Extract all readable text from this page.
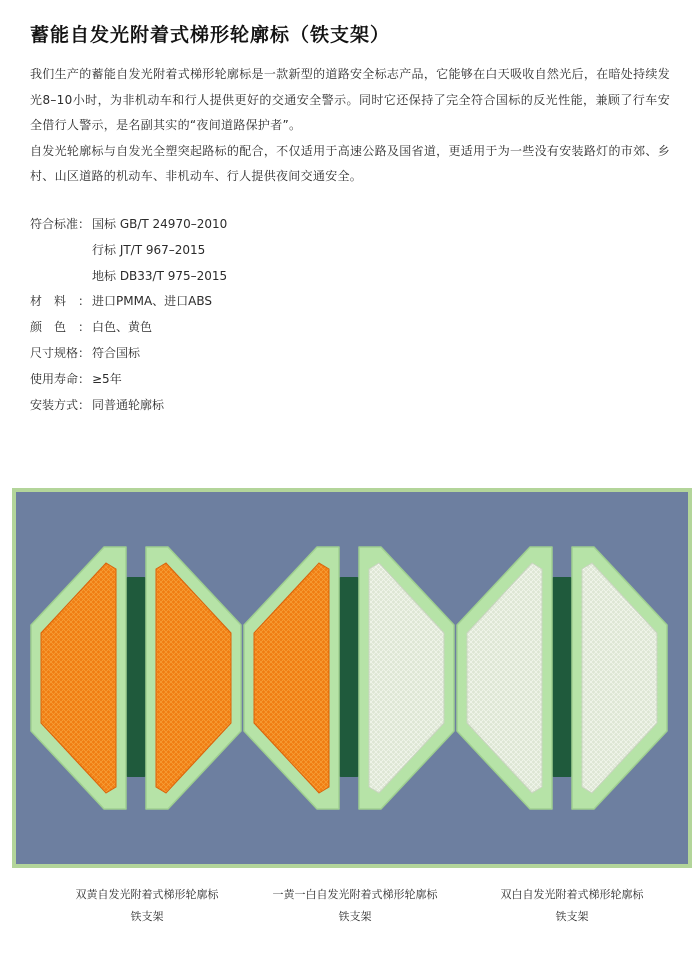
蓄能自发光附着式梯形轮廓标（铁支架）

我们生产的蓄能自发光附着式梯形轮廓标是一款新型的道路安全标志产品，它能够在白天吸收自然光后，在暗处持续发光8–10小时，为非机动车和行人提供更好的交通安全警示。同时它还保持了完全符合国标的反光性能，兼顾了行车安全借行人警示，是名副其实的“夜间道路保护者”。

自发光轮廓标与自发光全塑突起路标的配合，不仅适用于高速公路及国省道，更适用于为一些没有安装路灯的市郊、乡村、山区道路的机动车、非机动车、行人提供夜间交通安全。

符合标准： 国标 GB/T 24970–2010
行标 JT/T 967–2015
地标 DB33/T 975–2015
材料：
进口PMMA、进口ABS
颜色：
白色、黄色
尺寸规格： 符合国标
使用寿命： ≥5年
安装方式： 同普通轮廓标
双黄自发光附着式梯形轮廓标
铁支架
一黄一白自发光附着式梯形轮廓标
铁支架
双白自发光附着式梯形轮廓标
铁支架
